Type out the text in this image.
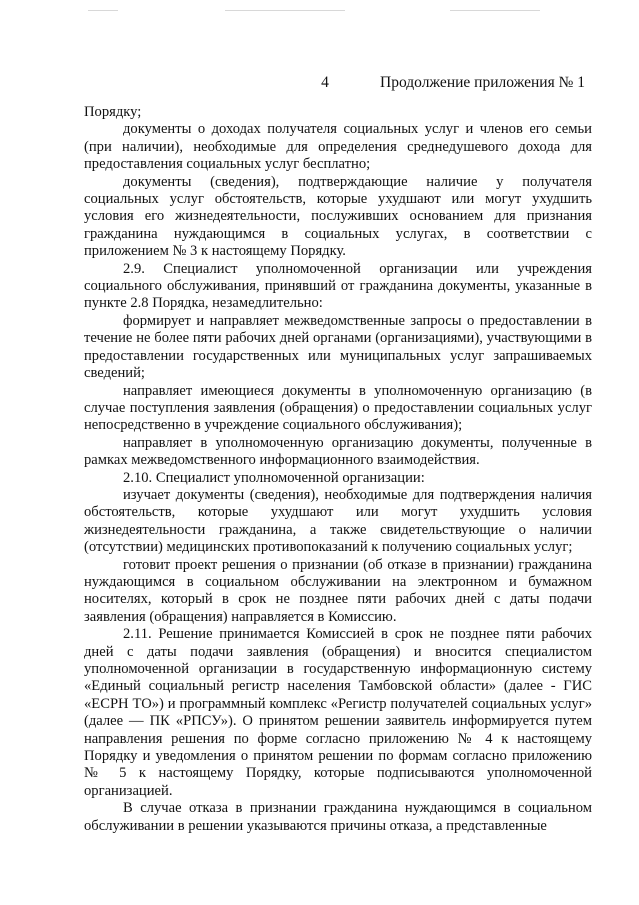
4	Продолжение приложения № 1

Порядку;

документы о доходах получателя социальных услуг и членов его семьи (при наличии), необходимые для определения среднедушевого дохода для предоставления социальных услуг бесплатно;

документы (сведения), подтверждающие наличие у получателя социальных услуг обстоятельств, которые ухудшают или могут ухудшить условия его жизнедеятельности, послуживших основанием для признания гражданина нуждающимся в социальных услугах, в соответствии с приложением № 3 к настоящему Порядку.

2.9. Специалист уполномоченной организации или учреждения социального обслуживания, принявший от гражданина документы, указанные в пункте 2.8 Порядка, незамедлительно:

формирует и направляет межведомственные запросы о предоставлении в течение не более пяти рабочих дней органами (организациями), участвующими в предоставлении государственных или муниципальных услуг запрашиваемых сведений;

направляет имеющиеся документы в уполномоченную организацию (в случае поступления заявления (обращения) о предоставлении социальных услуг непосредственно в учреждение социального обслуживания);

направляет в уполномоченную организацию документы, полученные в рамках межведомственного информационного взаимодействия.

2.10. Специалист уполномоченной организации:

изучает документы (сведения), необходимые для подтверждения наличия обстоятельств, которые ухудшают или могут ухудшить условия жизнедеятельности гражданина, а также свидетельствующие о наличии (отсутствии) медицинских противопоказаний к получению социальных услуг;

готовит проект решения о признании (об отказе в признании) гражданина нуждающимся в социальном обслуживании на электронном и бумажном носителях, который в срок не позднее пяти рабочих дней с даты подачи заявления (обращения) направляется в Комиссию.

2.11. Решение принимается Комиссией в срок не позднее пяти рабочих дней с даты подачи заявления (обращения) и вносится специалистом уполномоченной организации в государственную информационную систему «Единый социальный регистр населения Тамбовской области» (далее - ГИС «ЕСРН ТО») и программный комплекс «Регистр получателей социальных услуг» (далее — ПК «РПСУ»). О принятом решении заявитель информируется путем направления решения по форме согласно приложению № 4 к настоящему Порядку и уведомления о принятом решении по формам согласно приложению № 5 к настоящему Порядку, которые подписываются уполномоченной организацией.

В случае отказа в признании гражданина нуждающимся в социальном обслуживании в решении указываются причины отказа, а представленные
